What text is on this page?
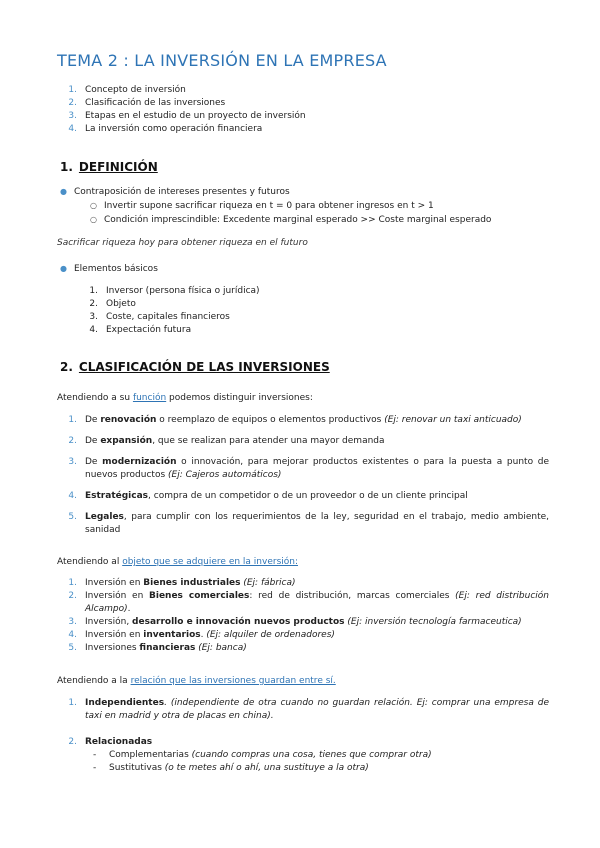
TEMA 2 : LA INVERSIÓN EN LA EMPRESA
1. Concepto de inversión
2. Clasificación de las inversiones
3. Etapas en el estudio de un proyecto de inversión
4. La inversión como operación financiera
1. DEFINICIÓN
● Contraposición de intereses presentes y futuros
○ Invertir supone sacrificar riqueza en t = 0 para obtener ingresos en t > 1
○ Condición imprescindible: Excedente marginal esperado >> Coste marginal esperado
Sacrificar riqueza hoy para obtener riqueza en el futuro
● Elementos básicos
1. Inversor (persona física o jurídica)
2. Objeto
3. Coste, capitales financieros
4. Expectación futura
2. CLASIFICACIÓN DE LAS INVERSIONES
Atendiendo a su función podemos distinguir inversiones:
1. De renovación o reemplazo de equipos o elementos productivos (Ej: renovar un taxi anticuado)
2. De expansión, que se realizan para atender una mayor demanda
3. De modernización o innovación, para mejorar productos existentes o para la puesta a punto de nuevos productos (Ej: Cajeros automáticos)
4. Estratégicas, compra de un competidor o de un proveedor o de un cliente principal
5. Legales, para cumplir con los requerimientos de la ley, seguridad en el trabajo, medio ambiente, sanidad
Atendiendo al objeto que se adquiere en la inversión:
1. Inversión en Bienes industriales (Ej: fábrica)
2. Inversión en Bienes comerciales: red de distribución, marcas comerciales (Ej: red distribución Alcampo).
3. Inversión, desarrollo e innovación nuevos productos (Ej: inversión tecnología farmaceutica)
4. Inversión en inventarios. (Ej: alquiler de ordenadores)
5. Inversiones financieras (Ej: banca)
Atendiendo a la relación que las inversiones guardan entre sí.
1. Independientes. (independiente de otra cuando no guardan relación. Ej: comprar una empresa de taxi en madrid y otra de placas en china).
2. Relacionadas
- Complementarias (cuando compras una cosa, tienes que comprar otra)
- Sustitutivas (o te metes ahí o ahí, una sustituye a la otra)
